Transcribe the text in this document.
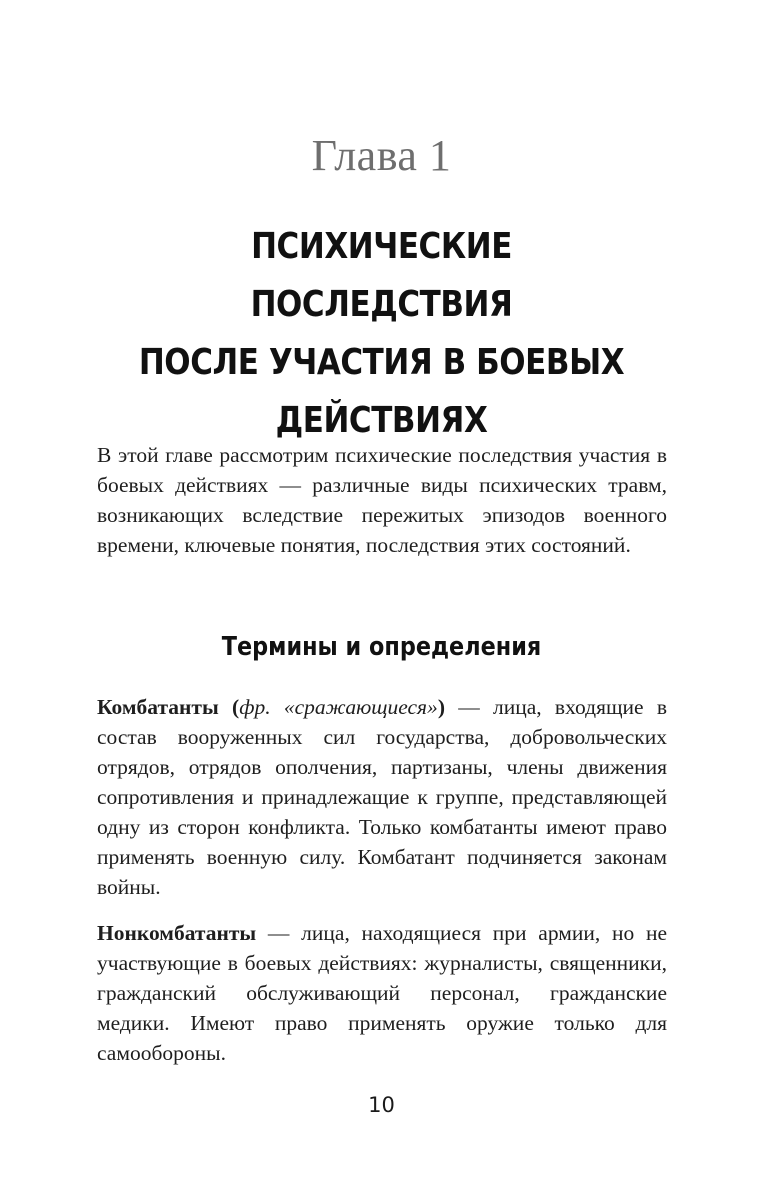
Глава 1
ПСИХИЧЕСКИЕ ПОСЛЕДСТВИЯ
ПОСЛЕ УЧАСТИЯ В БОЕВЫХ
ДЕЙСТВИЯХ

В этой главе рассмотрим психические последствия участия в боевых действиях — различные виды психических травм, возникающих вследствие пережитых эпизодов военного времени, ключевые понятия, последствия этих состояний.

Термины и определения

Комбатанты (фр. «сражающиеся») — лица, входящие в состав вооруженных сил государства, добровольческих отрядов, отрядов ополчения, партизаны, члены движения сопротивления и принадлежащие к группе, представляющей одну из сторон конфликта. Только комбатанты имеют право применять военную силу. Комбатант подчиняется законам войны.

Нонкомбатанты — лица, находящиеся при армии, но не участвующие в боевых действиях: журналисты, священники, гражданский обслуживающий персонал, гражданские медики. Имеют право применять оружие только для самообороны.

10
